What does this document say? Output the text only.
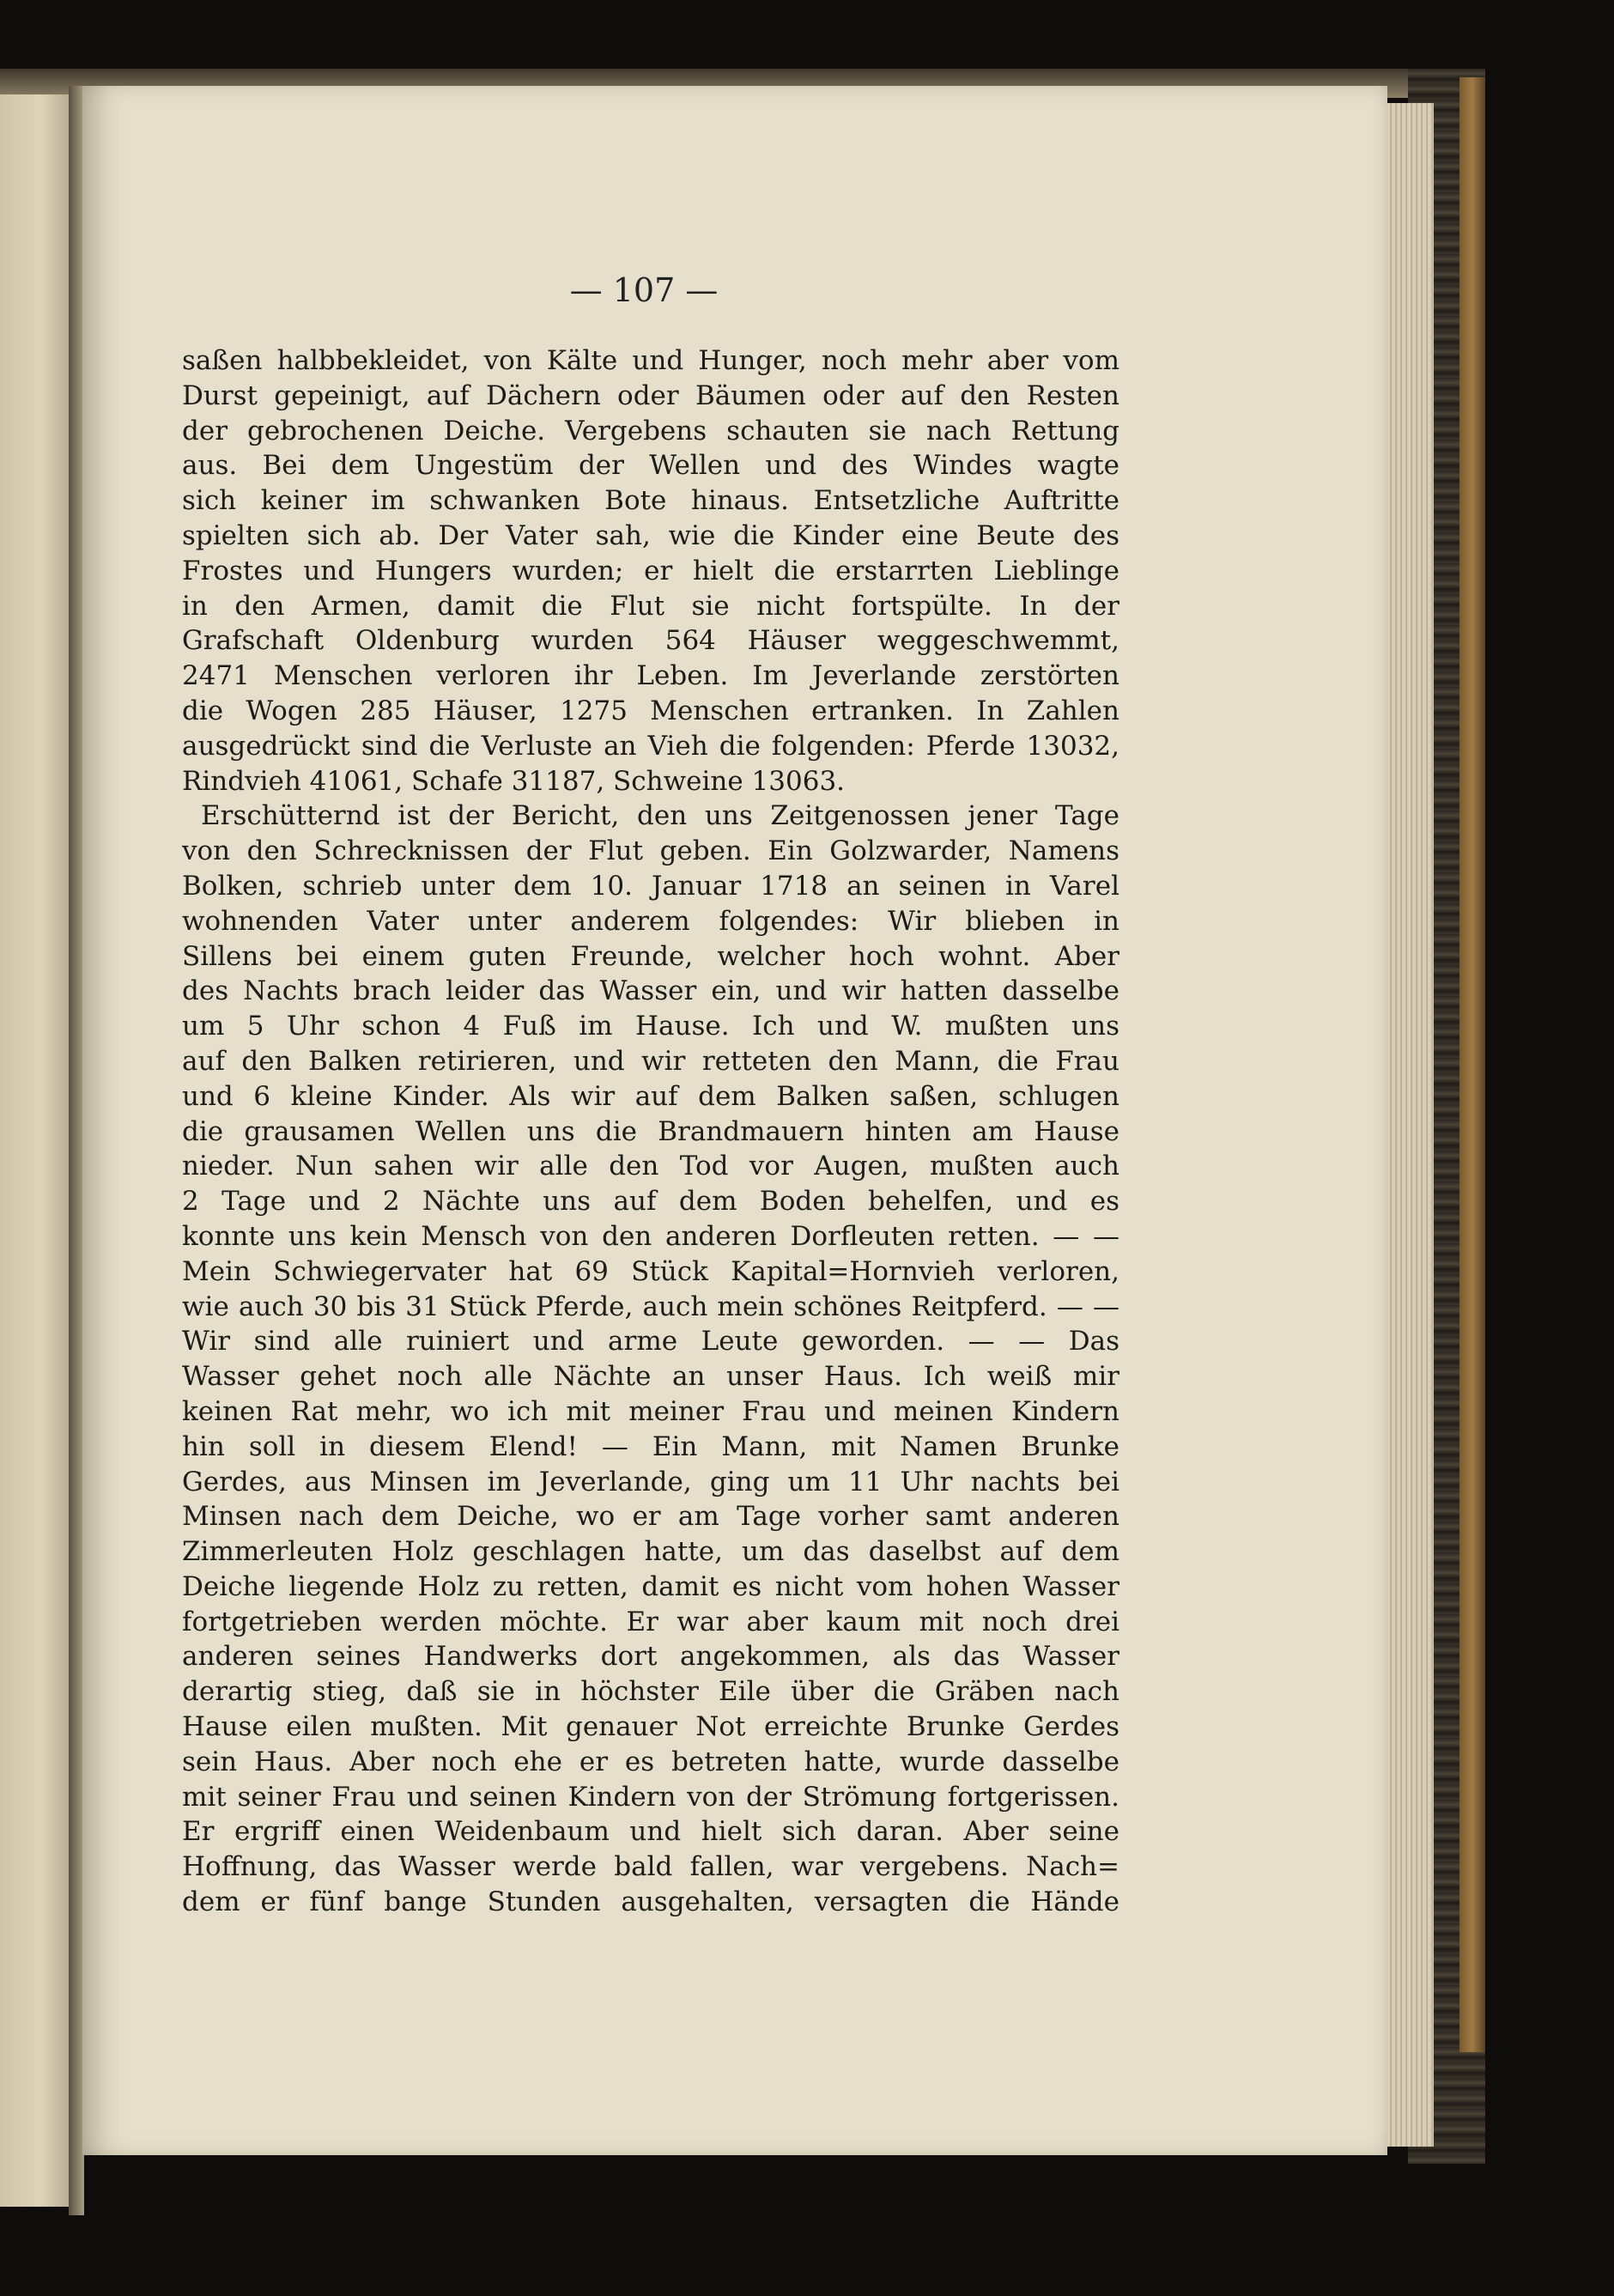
— 107 —
saßen halbbekleidet, von Kälte und Hunger, noch mehr aber vom
Durst gepeinigt, auf Dächern oder Bäumen oder auf den Resten
der gebrochenen Deiche. Vergebens schauten sie nach Rettung
aus. Bei dem Ungestüm der Wellen und des Windes wagte
sich keiner im schwanken Bote hinaus. Entsetzliche Auftritte
spielten sich ab. Der Vater sah, wie die Kinder eine Beute des
Frostes und Hungers wurden; er hielt die erstarrten Lieblinge
in den Armen, damit die Flut sie nicht fortspülte. In der
Grafschaft Oldenburg wurden 564 Häuser weggeschwemmt,
2471 Menschen verloren ihr Leben. Im Jeverlande zerstörten
die Wogen 285 Häuser, 1275 Menschen ertranken. In Zahlen
ausgedrückt sind die Verluste an Vieh die folgenden: Pferde 13032,
Rindvieh 41061, Schafe 31187, Schweine 13063.
Erschütternd ist der Bericht, den uns Zeitgenossen jener Tage
von den Schrecknissen der Flut geben. Ein Golzwarder, Namens
Bolken, schrieb unter dem 10. Januar 1718 an seinen in Varel
wohnenden Vater unter anderem folgendes: Wir blieben in
Sillens bei einem guten Freunde, welcher hoch wohnt. Aber
des Nachts brach leider das Wasser ein, und wir hatten dasselbe
um 5 Uhr schon 4 Fuß im Hause. Ich und W. mußten uns
auf den Balken retirieren, und wir retteten den Mann, die Frau
und 6 kleine Kinder. Als wir auf dem Balken saßen, schlugen
die grausamen Wellen uns die Brandmauern hinten am Hause
nieder. Nun sahen wir alle den Tod vor Augen, mußten auch
2 Tage und 2 Nächte uns auf dem Boden behelfen, und es
konnte uns kein Mensch von den anderen Dorfleuten retten. — —
Mein Schwiegervater hat 69 Stück Kapital=Hornvieh verloren,
wie auch 30 bis 31 Stück Pferde, auch mein schönes Reitpferd. — —
Wir sind alle ruiniert und arme Leute geworden. — — Das
Wasser gehet noch alle Nächte an unser Haus. Ich weiß mir
keinen Rat mehr, wo ich mit meiner Frau und meinen Kindern
hin soll in diesem Elend! — Ein Mann, mit Namen Brunke
Gerdes, aus Minsen im Jeverlande, ging um 11 Uhr nachts bei
Minsen nach dem Deiche, wo er am Tage vorher samt anderen
Zimmerleuten Holz geschlagen hatte, um das daselbst auf dem
Deiche liegende Holz zu retten, damit es nicht vom hohen Wasser
fortgetrieben werden möchte. Er war aber kaum mit noch drei
anderen seines Handwerks dort angekommen, als das Wasser
derartig stieg, daß sie in höchster Eile über die Gräben nach
Hause eilen mußten. Mit genauer Not erreichte Brunke Gerdes
sein Haus. Aber noch ehe er es betreten hatte, wurde dasselbe
mit seiner Frau und seinen Kindern von der Strömung fortgerissen.
Er ergriff einen Weidenbaum und hielt sich daran. Aber seine
Hoffnung, das Wasser werde bald fallen, war vergebens. Nach=
dem er fünf bange Stunden ausgehalten, versagten die Hände
